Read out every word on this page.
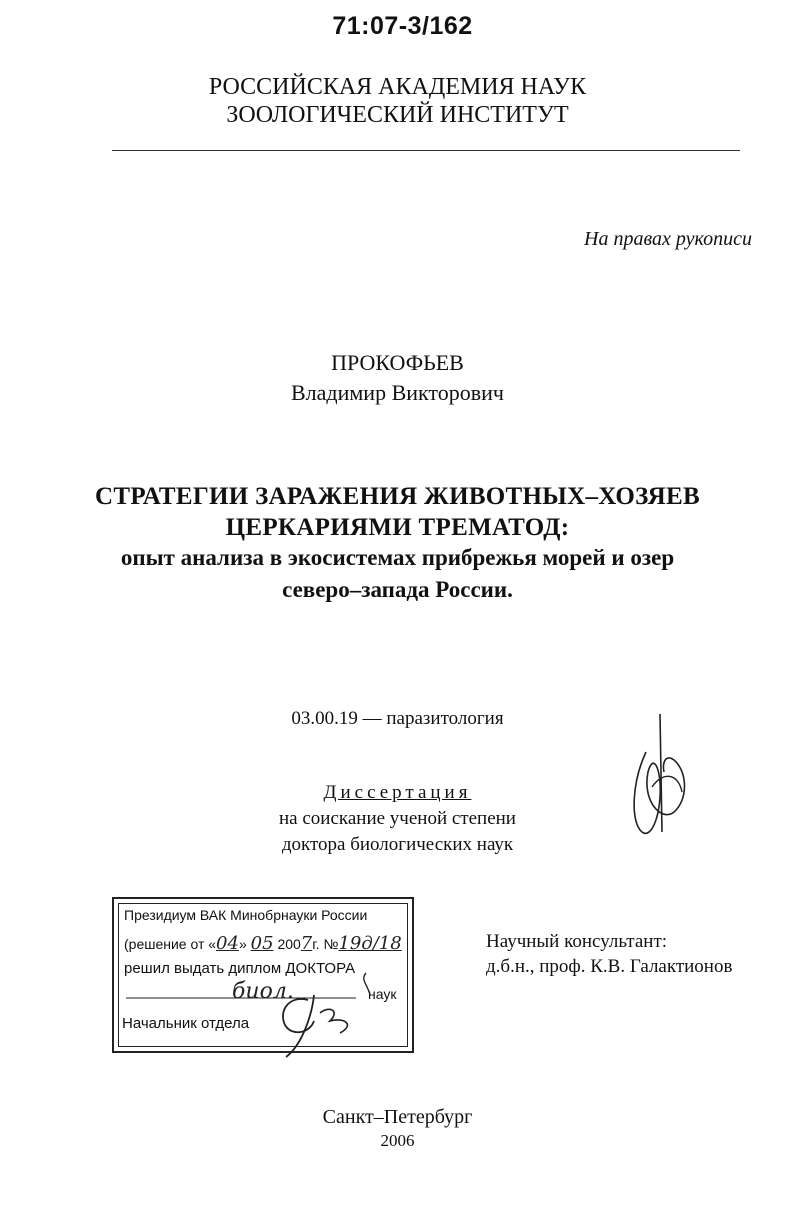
71:07-3/162
РОССИЙСКАЯ АКАДЕМИЯ НАУК
ЗООЛОГИЧЕСКИЙ ИНСТИТУТ
На правах рукописи
ПРОКОФЬЕВ
Владимир Викторович
СТРАТЕГИИ ЗАРАЖЕНИЯ ЖИВОТНЫХ–ХОЗЯЕВ
ЦЕРКАРИЯМИ ТРЕМАТОД:
опыт анализа в экосистемах прибрежья морей и озер
северо–запада России.
03.00.19 — паразитология
Диссертация
на соискание ученой степени
доктора биологических наук
Президиум ВАК Минобрнауки России
(решение от «04» 05 2007г. №19д/18
решил выдать диплом ДОКТОРА
биол.	наук
Начальник отдела
Научный консультант:
д.б.н., проф. К.В. Галактионов
Санкт–Петербург
2006
